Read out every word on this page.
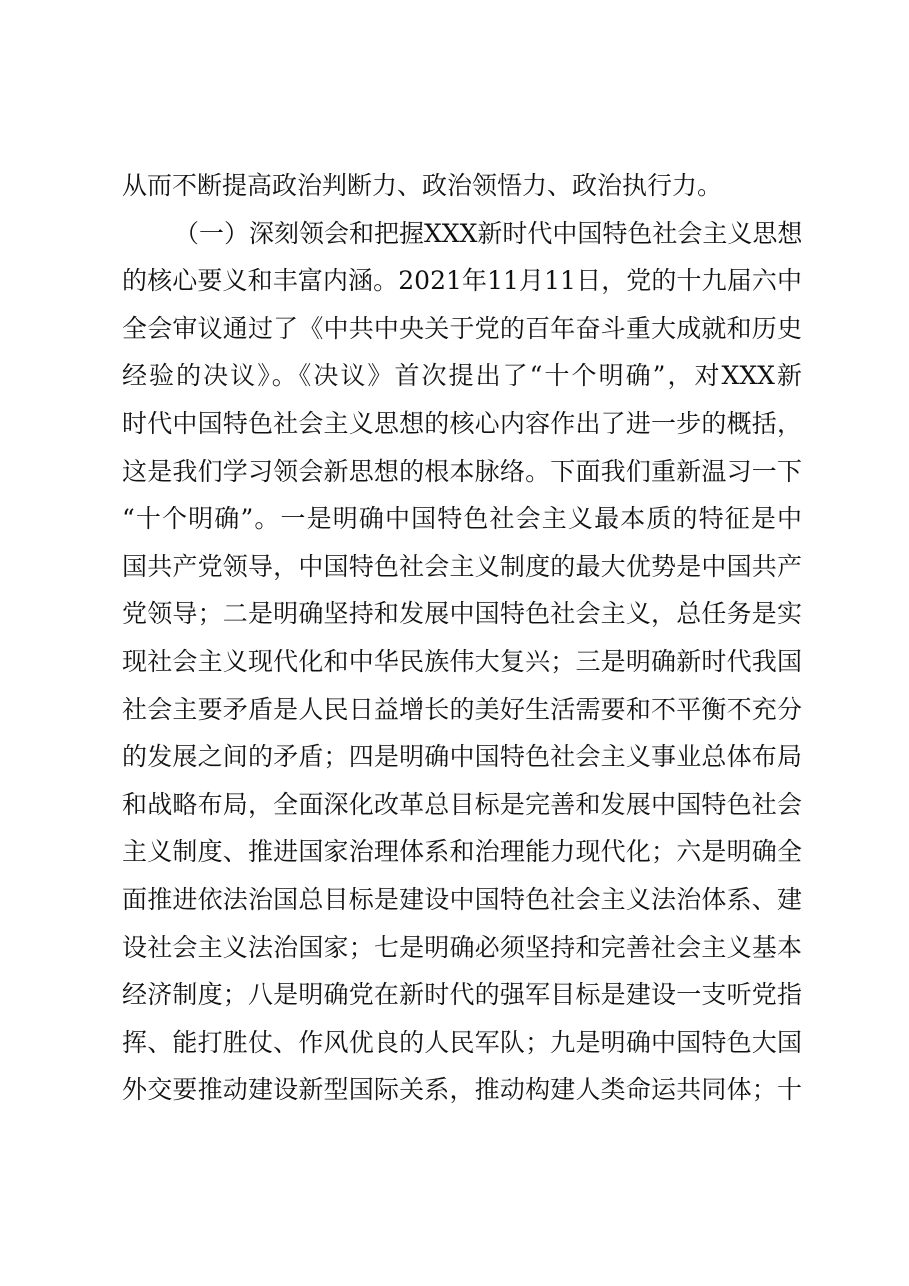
从而不断提高政治判断力、政治领悟力、政治执行力。
（一）深刻领会和把握XXX新时代中国特色社会主义思想
的核心要义和丰富内涵。2021年11月11日，党的十九届六中
全会审议通过了《中共中央关于党的百年奋斗重大成就和历史
经验的决议》。《决议》首次提出了“十个明确”，对XXX新
时代中国特色社会主义思想的核心内容作出了进一步的概括，
这是我们学习领会新思想的根本脉络。下面我们重新温习一下
“十个明确”。一是明确中国特色社会主义最本质的特征是中
国共产党领导，中国特色社会主义制度的最大优势是中国共产
党领导；二是明确坚持和发展中国特色社会主义，总任务是实
现社会主义现代化和中华民族伟大复兴；三是明确新时代我国
社会主要矛盾是人民日益增长的美好生活需要和不平衡不充分
的发展之间的矛盾；四是明确中国特色社会主义事业总体布局
和战略布局，全面深化改革总目标是完善和发展中国特色社会
主义制度、推进国家治理体系和治理能力现代化；六是明确全
面推进依法治国总目标是建设中国特色社会主义法治体系、建
设社会主义法治国家；七是明确必须坚持和完善社会主义基本
经济制度；八是明确党在新时代的强军目标是建设一支听党指
挥、能打胜仗、作风优良的人民军队；九是明确中国特色大国
外交要推动建设新型国际关系，推动构建人类命运共同体；十
